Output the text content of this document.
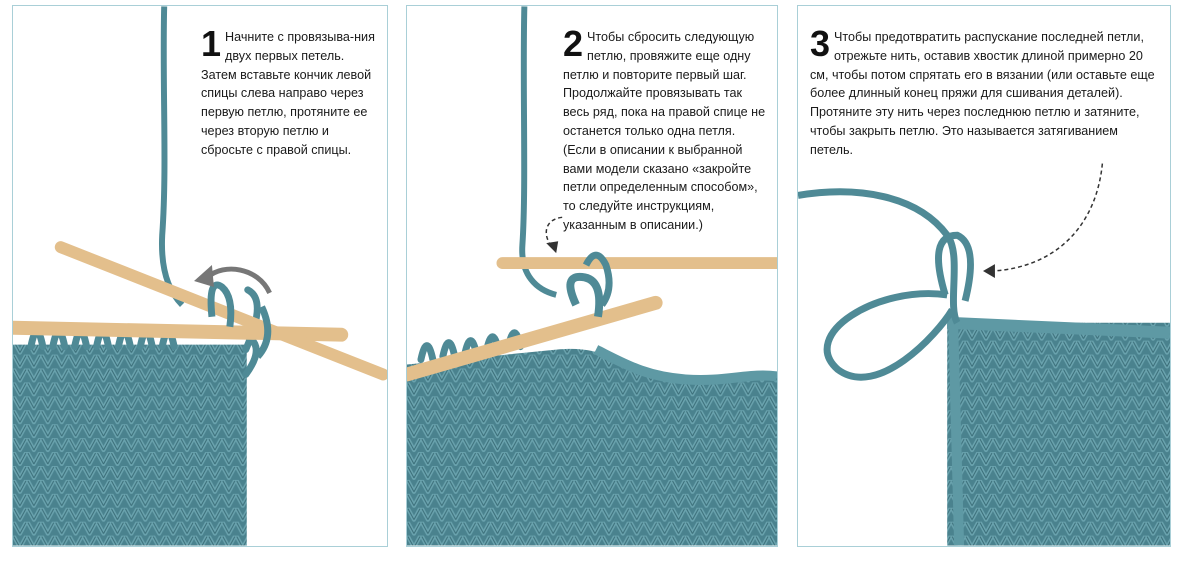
1 Начните с провязыва-ния двух первых петель. Затем вставьте кончик левой спицы слева направо через первую петлю, протяните ее через вторую петлю и сбросьте с правой спицы.
2 Чтобы сбросить следующую петлю, провяжите еще одну петлю и повторите первый шаг. Продолжайте провязывать так весь ряд, пока на правой спице не останется только одна петля. (Если в описании к выбранной вами модели сказано «закройте петли определенным способом», то следуйте инструкциям, указанным в описании.)
3 Чтобы предотвратить распускание последней петли, отрежьте нить, оставив хвостик длиной примерно 20 см, чтобы потом спрятать его в вязании (или оставьте еще более длинный конец пряжи для сшивания деталей). Протяните эту нить через последнюю петлю и затяните, чтобы закрыть петлю. Это называется затягиванием петель.
